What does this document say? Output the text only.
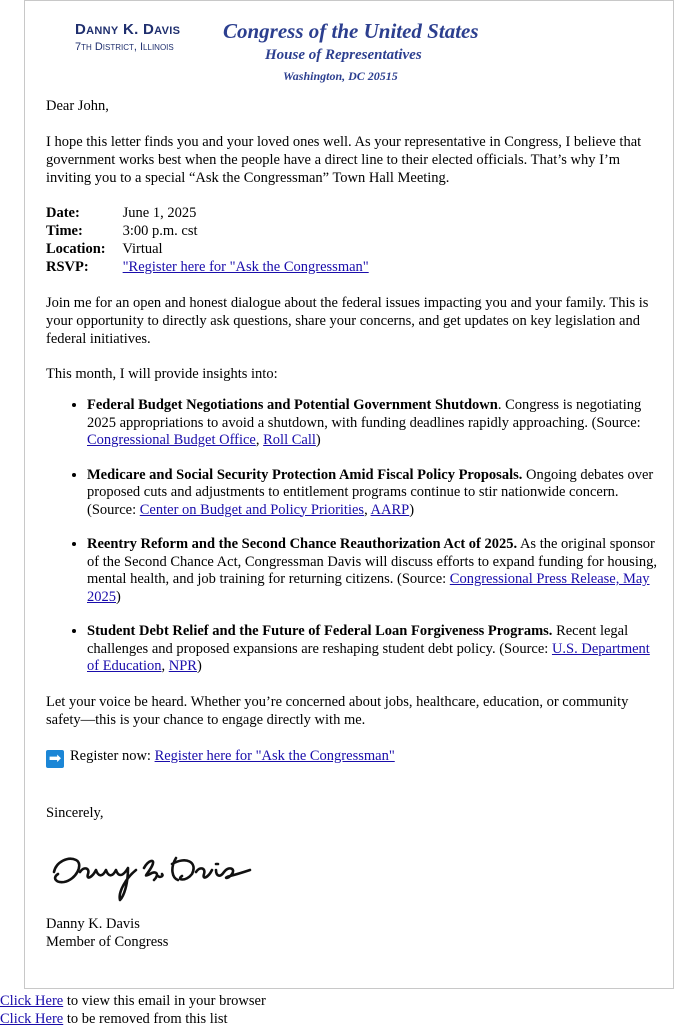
Danny K. Davis
7th District, Illinois
Congress of the United States
House of Representatives
Washington, DC 20515

Dear John,

I hope this letter finds you and your loved ones well. As your representative in Congress, I believe that government works best when the people have a direct line to their elected officials. That’s why I’m inviting you to a special “Ask the Congressman” Town Hall Meeting.

Date:	June 1, 2025
Time:	3:00 p.m. cst
Location: Virtual
RSVP: "Register here for "Ask the Congressman"

Join me for an open and honest dialogue about the federal issues impacting you and your family. This is your opportunity to directly ask questions, share your concerns, and get updates on key legislation and federal initiatives.

This month, I will provide insights into:

• Federal Budget Negotiations and Potential Government Shutdown. Congress is negotiating 2025 appropriations to avoid a shutdown, with funding deadlines rapidly approaching. (Source: Congressional Budget Office, Roll Call)
• Medicare and Social Security Protection Amid Fiscal Policy Proposals. Ongoing debates over proposed cuts and adjustments to entitlement programs continue to stir nationwide concern. (Source: Center on Budget and Policy Priorities, AARP)
• Reentry Reform and the Second Chance Reauthorization Act of 2025. As the original sponsor of the Second Chance Act, Congressman Davis will discuss efforts to expand funding for housing, mental health, and job training for returning citizens. (Source: Congressional Press Release, May 2025)
• Student Debt Relief and the Future of Federal Loan Forgiveness Programs. Recent legal challenges and proposed expansions are reshaping student debt policy. (Source: U.S. Department of Education, NPR)

Let your voice be heard. Whether you’re concerned about jobs, healthcare, education, or community safety—this is your chance to engage directly with me.

➡ Register now: Register here for "Ask the Congressman"

Sincerely,

Danny K. Davis

Member of Congress

Click Here to view this email in your browser
Click Here to be removed from this list
